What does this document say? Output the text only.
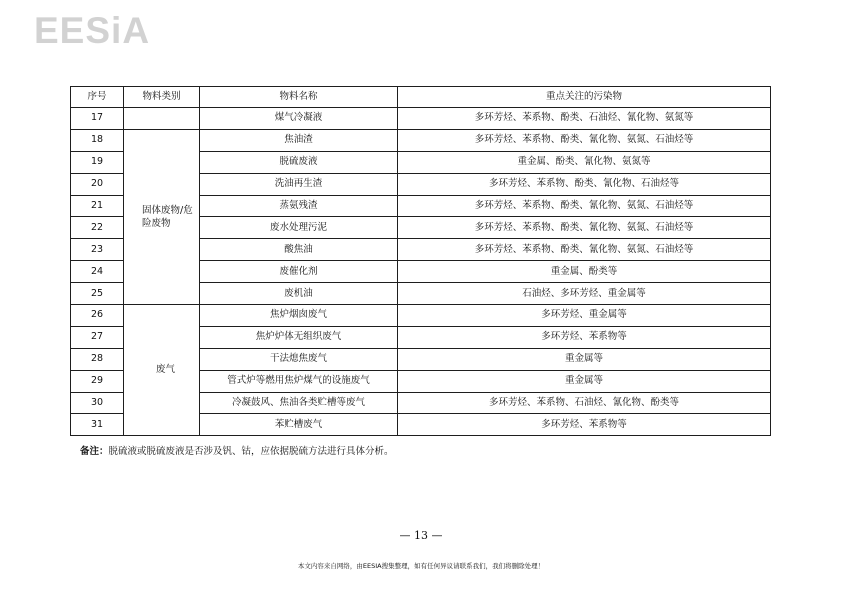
EESiA
序号	物料类别	物料名称	重点关注的污染物
17		煤气冷凝液	多环芳烃、苯系物、酚类、石油烃、氰化物、氨氮等
18	固体废物/危险废物	焦油渣	多环芳烃、苯系物、酚类、氰化物、氨氮、石油烃等
19		脱硫废液	重金属、酚类、氰化物、氨氮等
20		洗油再生渣	多环芳烃、苯系物、酚类、氰化物、石油烃等
21		蒸氨残渣	多环芳烃、苯系物、酚类、氰化物、氨氮、石油烃等
22		废水处理污泥	多环芳烃、苯系物、酚类、氰化物、氨氮、石油烃等
23		酸焦油	多环芳烃、苯系物、酚类、氰化物、氨氮、石油烃等
24		废催化剂	重金属、酚类等
25		废机油	石油烃、多环芳烃、重金属等
26	废气	焦炉烟囱废气	多环芳烃、重金属等
27		焦炉炉体无组织废气	多环芳烃、苯系物等
28		干法熄焦废气	重金属等
29		管式炉等燃用焦炉煤气的设施废气	重金属等
30		冷凝鼓风、焦油各类贮槽等废气	多环芳烃、苯系物、石油烃、氰化物、酚类等
31		苯贮槽废气	多环芳烃、苯系物等
备注：脱硫液或脱硫废液是否涉及钒、钴，应依据脱硫方法进行具体分析。
— 13 —
本文内容来自网络，由EESIA搜集整理，如有任何异议请联系我们，我们将删除处理！
